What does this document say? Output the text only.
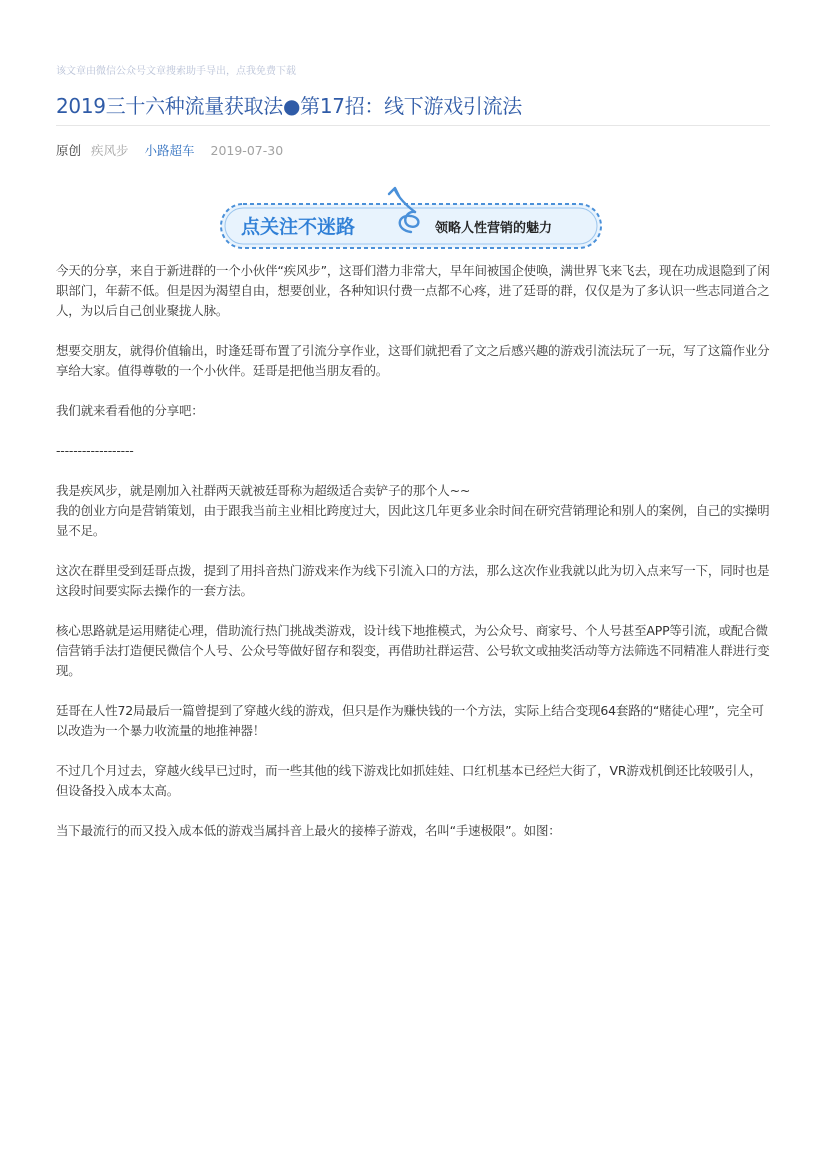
该文章由微信公众号文章搜索助手导出，点我免费下载
2019三十六种流量获取法●第17招：线下游戏引流法
原创 疾风步 小路超车 2019-07-30
点关注不迷路	领略人性营销的魅力

今天的分享，来自于新进群的一个小伙伴“疾风步”，这哥们潜力非常大，早年间被国企使唤，满世界飞来飞去，现在功成退隐到了闲职部门，年薪不低。但是因为渴望自由，想要创业，各种知识付费一点都不心疼，进了廷哥的群，仅仅是为了多认识一些志同道合之人，为以后自己创业聚拢人脉。

想要交朋友，就得价值输出，时逢廷哥布置了引流分享作业，这哥们就把看了文之后感兴趣的游戏引流法玩了一玩，写了这篇作业分享给大家。值得尊敬的一个小伙伴。廷哥是把他当朋友看的。

我们就来看看他的分享吧：

------------------

我是疾风步，就是刚加入社群两天就被廷哥称为超级适合卖铲子的那个人~~

我的创业方向是营销策划，由于跟我当前主业相比跨度过大，因此这几年更多业余时间在研究营销理论和别人的案例，自己的实操明显不足。

这次在群里受到廷哥点拨，提到了用抖音热门游戏来作为线下引流入口的方法，那么这次作业我就以此为切入点来写一下，同时也是这段时间要实际去操作的一套方法。

核心思路就是运用赌徒心理，借助流行热门挑战类游戏，设计线下地推模式，为公众号、商家号、个人号甚至APP等引流，或配合微信营销手法打造便民微信个人号、公众号等做好留存和裂变，再借助社群运营、公号软文或抽奖活动等方法筛选不同精准人群进行变现。

廷哥在人性72局最后一篇曾提到了穿越火线的游戏，但只是作为赚快钱的一个方法，实际上结合变现64套路的“赌徒心理”，完全可以改造为一个暴力收流量的地推神器！

不过几个月过去，穿越火线早已过时，而一些其他的线下游戏比如抓娃娃、口红机基本已经烂大街了，VR游戏机倒还比较吸引人，但设备投入成本太高。

当下最流行的而又投入成本低的游戏当属抖音上最火的接棒子游戏，名叫“手速极限”。如图：
